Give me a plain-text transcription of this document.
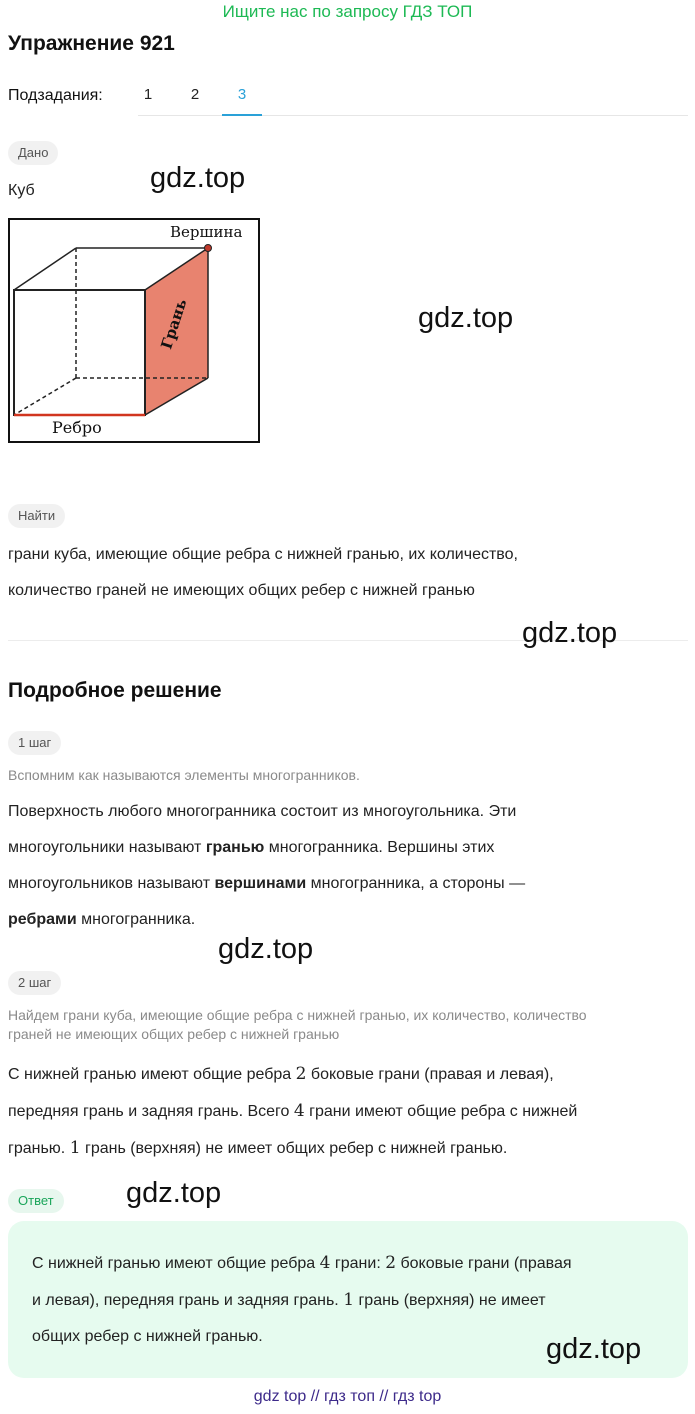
Ищите нас по запросу ГДЗ ТОП
Упражнение 921
Подзадания:	1	2	3
Дано
Куб	gdz.top
Вершина
Грань
Ребро
gdz.top
Найти
грани куба, имеющие общие ребра с нижней гранью, их количество,
количество граней не имеющих общих ребер с нижней гранью
gdz.top
Подробное решение
1 шаг
Вспомним как называются элементы многогранников.
Поверхность любого многогранника состоит из многоугольника. Эти
многоугольники называют гранью многогранника. Вершины этих
многоугольников называют вершинами многогранника, а стороны —
ребрами многогранника.
gdz.top
2 шаг
Найдем грани куба, имеющие общие ребра с нижней гранью, их количество, количество
граней не имеющих общих ребер с нижней гранью
С нижней гранью имеют общие ребра 2 боковые грани (правая и левая),
передняя грань и задняя грань. Всего 4 грани имеют общие ребра с нижней
гранью. 1 грань (верхняя) не имеет общих ребер с нижней гранью.
Ответ	gdz.top
С нижней гранью имеют общие ребра 4 грани: 2 боковые грани (правая
и левая), передняя грань и задняя грань. 1 грань (верхняя) не имеет
общих ребер с нижней гранью.	gdz.top
gdz top // гдз топ // гдз top
